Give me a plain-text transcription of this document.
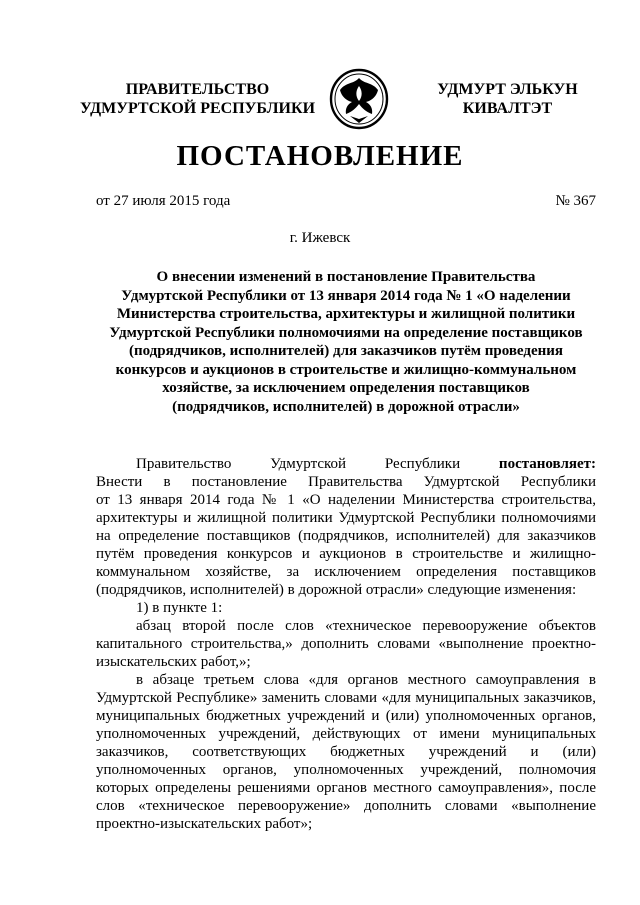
ПРАВИТЕЛЬСТВО
УДМУРТСКОЙ РЕСПУБЛИКИ
УДМУРТ ЭЛЬКУН
КИВАЛТЭТ
ПОСТАНОВЛЕНИЕ
от 27 июля 2015 года	№ 367
г. Ижевск
О внесении изменений в постановление Правительства
Удмуртской Республики от 13 января 2014 года № 1 «О наделении
Министерства строительства, архитектуры и жилищной политики
Удмуртской Республики полномочиями на определение поставщиков
(подрядчиков, исполнителей) для заказчиков путём проведения
конкурсов и аукционов в строительстве и жилищно-коммунальном
хозяйстве, за исключением определения поставщиков
(подрядчиков, исполнителей) в дорожной отрасли»
Правительство Удмуртской Республики	постановляет:
Внести в постановление Правительства Удмуртской Республики
от 13 января 2014 года № 1 «О наделении Министерства строительства,
архитектуры и жилищной политики Удмуртской Республики полномочиями
на определение поставщиков (подрядчиков, исполнителей) для заказчиков
путём проведения конкурсов и аукционов в строительстве и жилищно-
коммунальном хозяйстве, за исключением определения поставщиков
(подрядчиков, исполнителей) в дорожной отрасли» следующие изменения:
1) в пункте 1:
абзац второй после слов «техническое перевооружение объектов
капитального строительства,» дополнить словами «выполнение проектно-
изыскательских работ,»;
в абзаце третьем слова «для органов местного самоуправления в
Удмуртской Республике» заменить словами «для муниципальных заказчиков,
муниципальных бюджетных учреждений и (или) уполномоченных органов,
уполномоченных учреждений, действующих от имени муниципальных
заказчиков, соответствующих бюджетных учреждений и (или)
уполномоченных органов, уполномоченных учреждений, полномочия
которых определены решениями органов местного самоуправления», после
слов «техническое перевооружение» дополнить словами «выполнение
проектно-изыскательских работ»;
